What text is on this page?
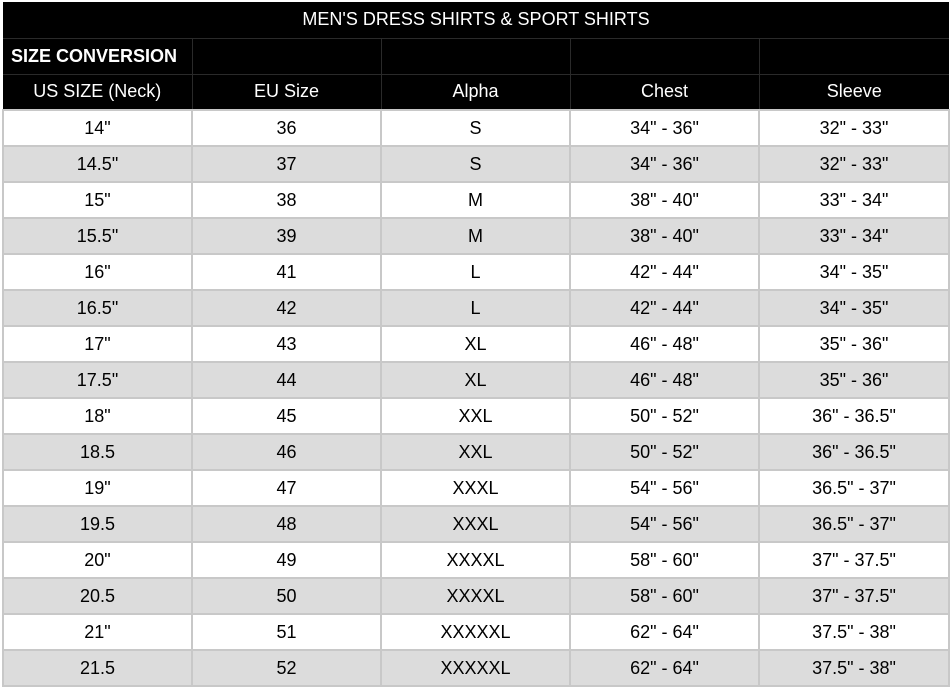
MEN'S DRESS SHIRTS & SPORT SHIRTS				
SIZE CONVERSION				
US SIZE (Neck)	EU Size	Alpha	Chest	Sleeve
14"	36	S	34" - 36"	32" - 33"
14.5"	37	S	34" - 36"	32" - 33"
15"	38	M	38" - 40"	33" - 34"
15.5"	39	M	38" - 40"	33" - 34"
16"	41	L	42" - 44"	34" - 35"
16.5"	42	L	42" - 44"	34" - 35"
17"	43	XL	46" - 48"	35" - 36"
17.5"	44	XL	46" - 48"	35" - 36"
18"	45	XXL	50" - 52"	36" - 36.5"
18.5	46	XXL	50" - 52"	36" - 36.5"
19"	47	XXXL	54" - 56"	36.5" - 37"
19.5	48	XXXL	54" - 56"	36.5" - 37"
20"	49	XXXXL	58" - 60"	37" - 37.5"
20.5	50	XXXXL	58" - 60"	37" - 37.5"
21"	51	XXXXXL	62" - 64"	37.5" - 38"
21.5	52	XXXXXL	62" - 64"	37.5" - 38"
